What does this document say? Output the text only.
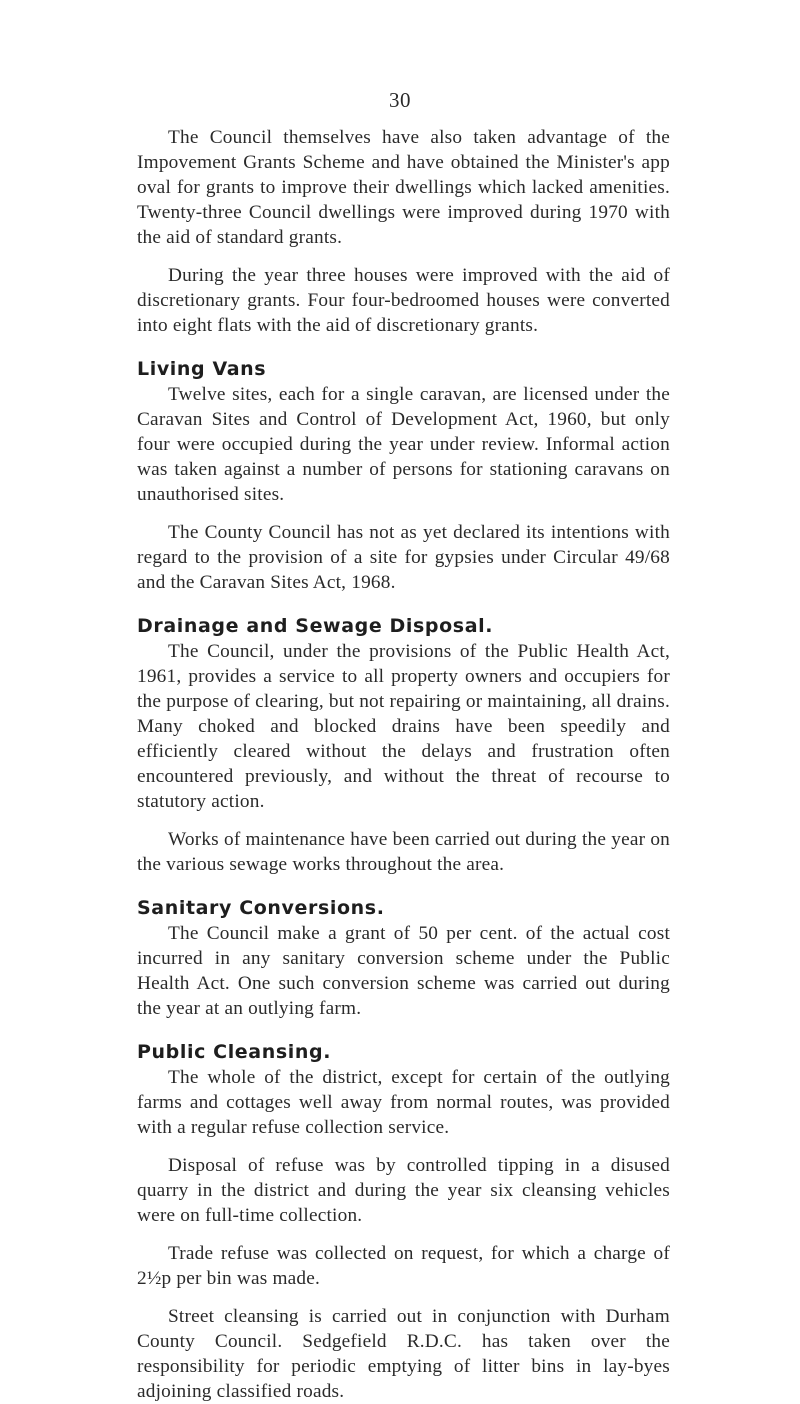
30

The Council themselves have also taken advantage of the Impovement Grants Scheme and have obtained the Minister's app oval for grants to improve their dwellings which lacked amenities. Twenty-three Council dwellings were improved during 1970 with the aid of standard grants.

During the year three houses were improved with the aid of discretionary grants. Four four-bedroomed houses were converted into eight flats with the aid of discretionary grants.

Living Vans

Twelve sites, each for a single caravan, are licensed under the Caravan Sites and Control of Development Act, 1960, but only four were occupied during the year under review. Informal action was taken against a number of persons for stationing caravans on unauthorised sites.

The County Council has not as yet declared its intentions with regard to the provision of a site for gypsies under Circular 49/68 and the Caravan Sites Act, 1968.

Drainage and Sewage Disposal.

The Council, under the provisions of the Public Health Act, 1961, provides a service to all property owners and occupiers for the purpose of clearing, but not repairing or maintaining, all drains. Many choked and blocked drains have been speedily and efficiently cleared without the delays and frustration often encountered previously, and without the threat of recourse to statutory action.

Works of maintenance have been carried out during the year on the various sewage works throughout the area.

Sanitary Conversions.

The Council make a grant of 50 per cent. of the actual cost incurred in any sanitary conversion scheme under the Public Health Act. One such conversion scheme was carried out during the year at an outlying farm.

Public Cleansing.

The whole of the district, except for certain of the outlying farms and cottages well away from normal routes, was provided with a regular refuse collection service.

Disposal of refuse was by controlled tipping in a disused quarry in the district and during the year six cleansing vehicles were on full-time collection.

Trade refuse was collected on request, for which a charge of 2½p per bin was made.

Street cleansing is carried out in conjunction with Durham County Council. Sedgefield R.D.C. has taken over the responsibility for periodic emptying of litter bins in lay-byes adjoining classified roads.
